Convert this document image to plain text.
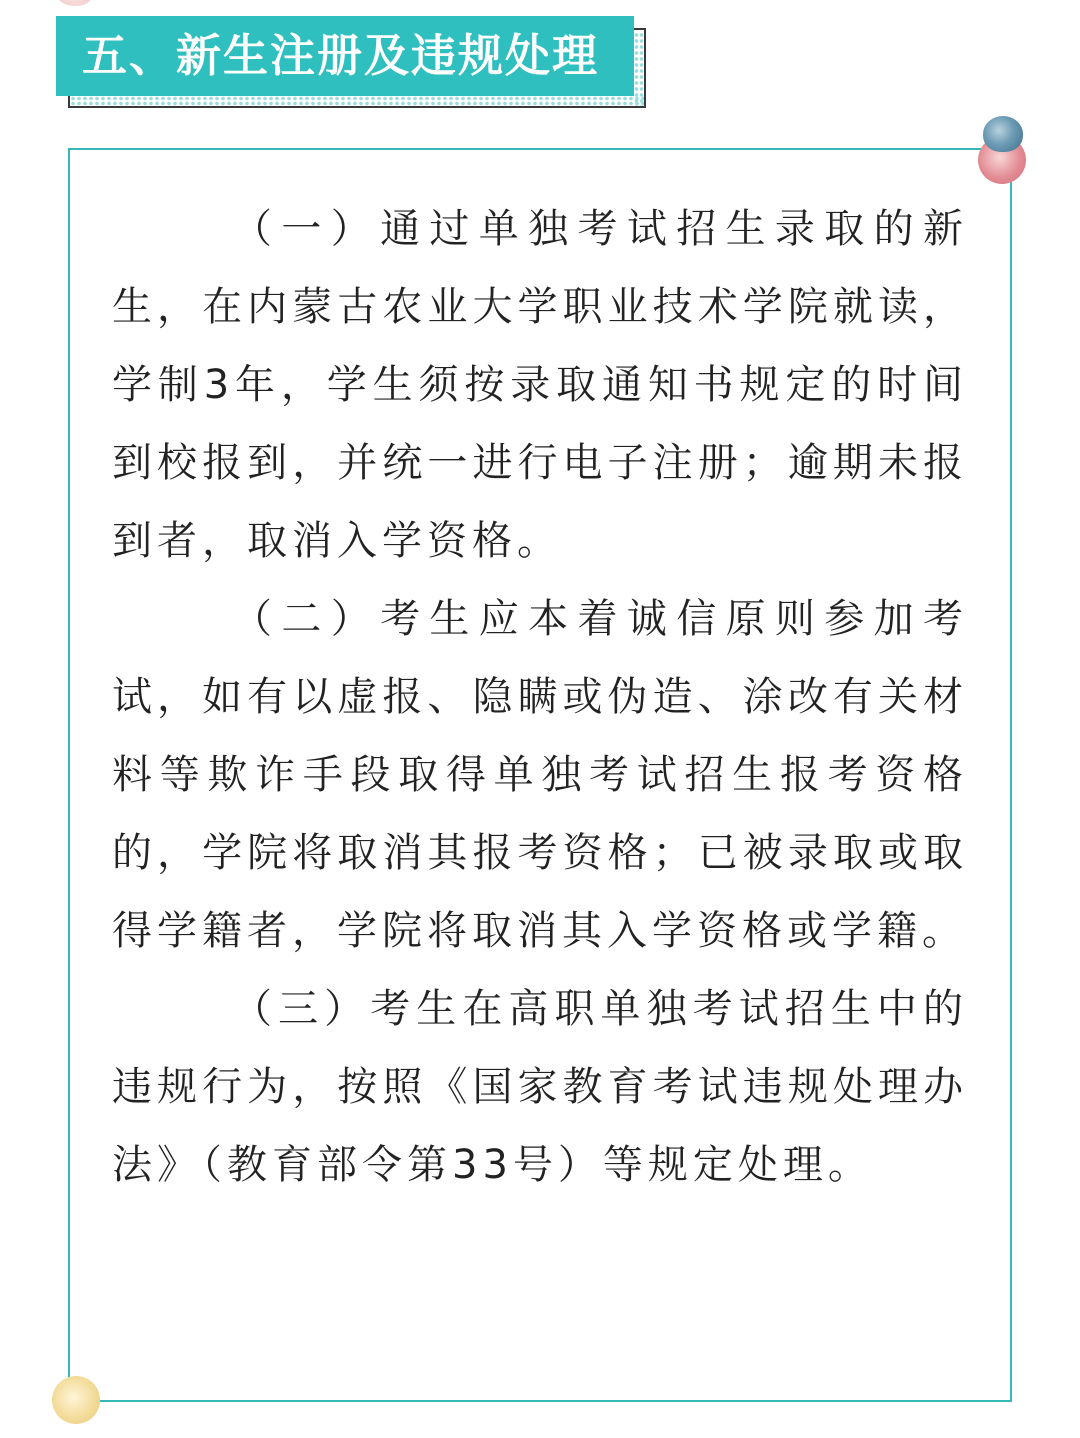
五、新生注册及违规处理

（一）通过单独考试招生录取的新生，在内蒙古农业大学职业技术学院就读，学制3年，学生须按录取通知书规定的时间到校报到，并统一进行电子注册；逾期未报到者，取消入学资格。

（二）考生应本着诚信原则参加考试，如有以虚报、隐瞒或伪造、涂改有关材料等欺诈手段取得单独考试招生报考资格的，学院将取消其报考资格；已被录取或取得学籍者，学院将取消其入学资格或学籍。

（三）考生在高职单独考试招生中的违规行为，按照《国家教育考试违规处理办法》（教育部令第33号）等规定处理。
